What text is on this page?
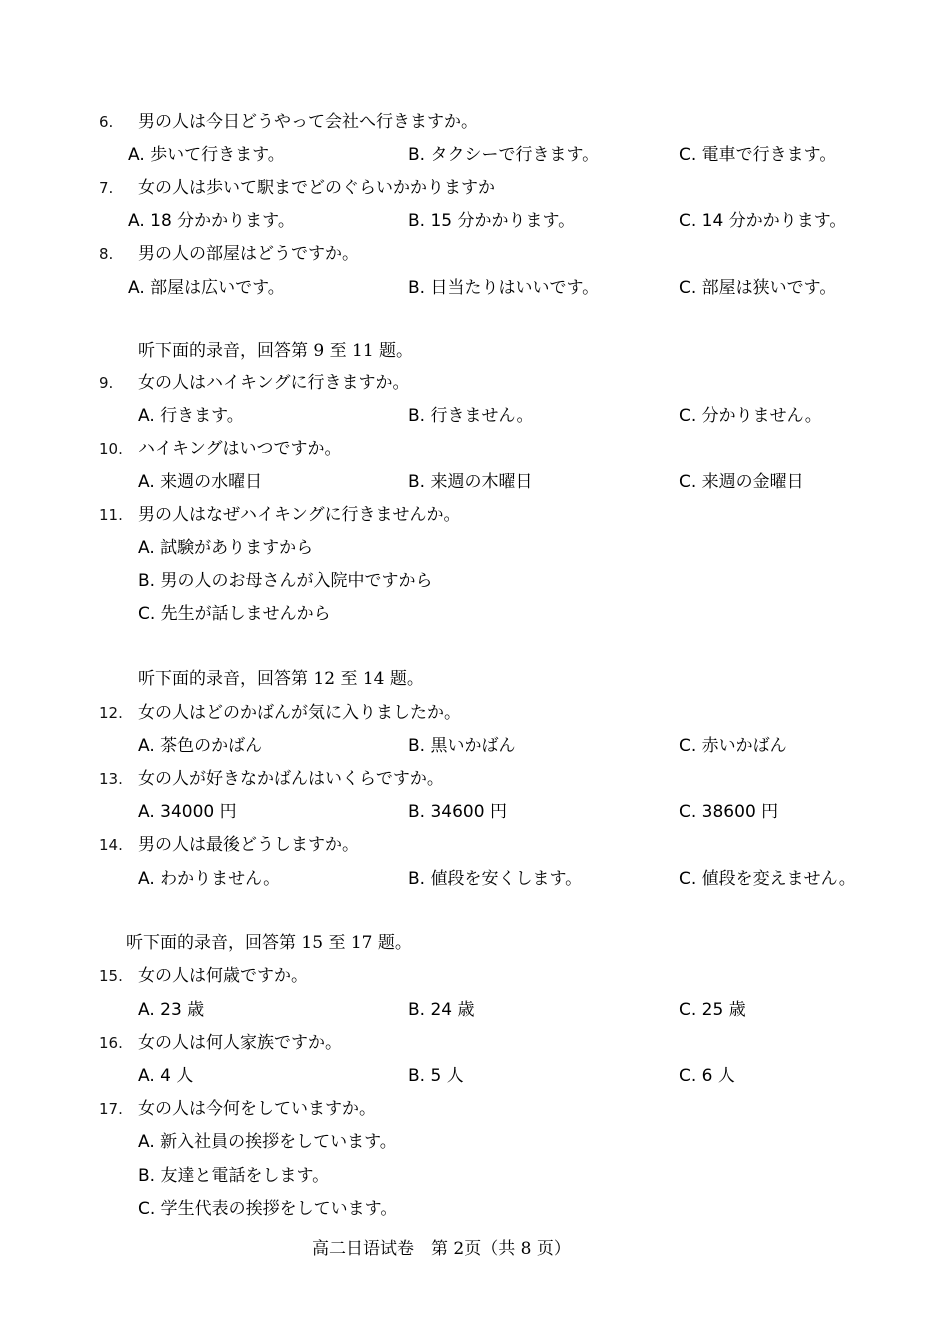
6. 男の人は今日どうやって会社へ行きますか。
A. 歩いて行きます。	B. タクシーで行きます。	C. 電車で行きます。
7. 女の人は歩いて駅までどのぐらいかかりますか
A. 18 分かかります。	B. 15 分かかります。	C. 14 分かかります。
8. 男の人の部屋はどうですか。
A. 部屋は広いです。	B. 日当たりはいいです。	C. 部屋は狭いです。
听下面的录音，回答第 9 至 11 题。
9. 女の人はハイキングに行きますか。
A. 行きます。	B. 行きません。	C. 分かりません。
10. ハイキングはいつですか。
A. 来週の水曜日	B. 来週の木曜日	C. 来週の金曜日
11. 男の人はなぜハイキングに行きませんか。
A. 試験がありますから
B. 男の人のお母さんが入院中ですから
C. 先生が話しませんから
听下面的录音，回答第 12 至 14 题。
12. 女の人はどのかばんが気に入りましたか。
A. 茶色のかばん	B. 黒いかばん	C. 赤いかばん
13. 女の人が好きなかばんはいくらですか。
A. 34000 円	B. 34600 円	C. 38600 円
14. 男の人は最後どうしますか。
A. わかりません。	B. 値段を安くします。	C. 値段を変えません。
听下面的录音，回答第 15 至 17 题。
15. 女の人は何歳ですか。
A. 23 歳	B. 24 歳	C. 25 歳
16. 女の人は何人家族ですか。
A. 4 人	B. 5 人	C. 6 人
17. 女の人は今何をしていますか。
A. 新入社員の挨拶をしています。
B. 友達と電話をします。
C. 学生代表の挨拶をしています。
高二日语试卷　第 2页（共 8 页）
